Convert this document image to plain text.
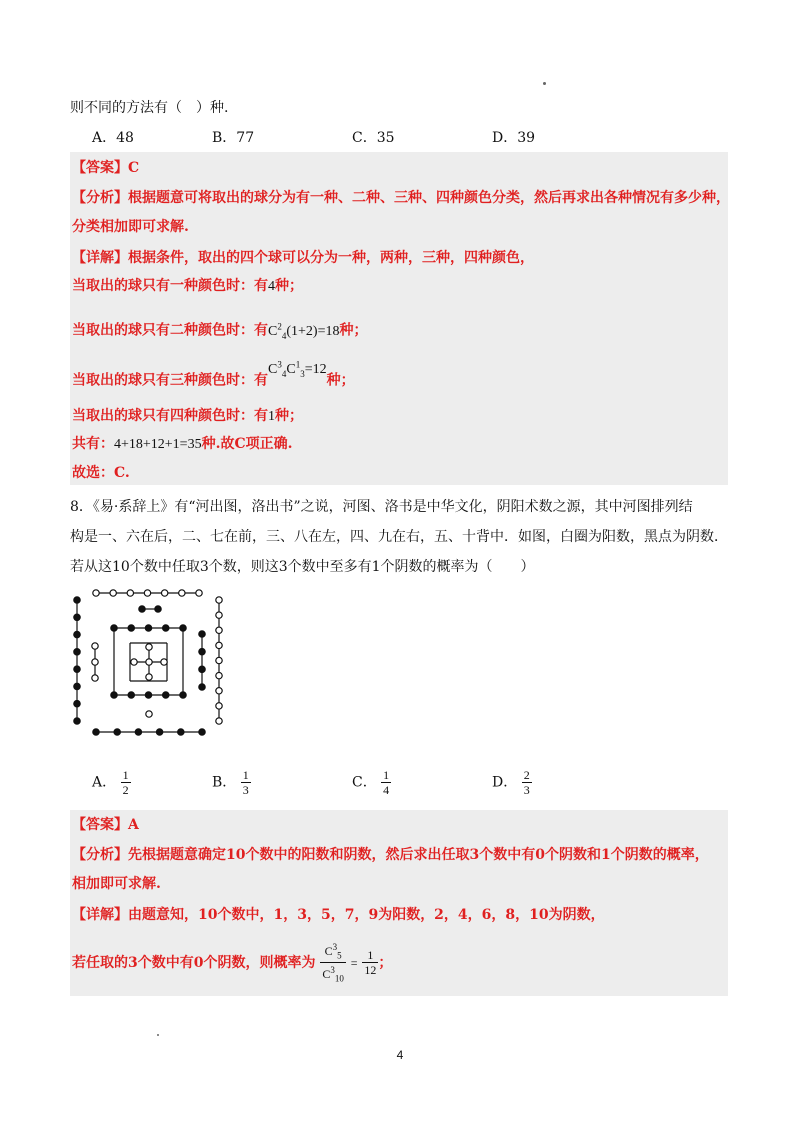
则不同的方法有（　）种.
A．48	B．77	C．35	D．39
【答案】C
【分析】根据题意可将取出的球分为有一种、二种、三种、四种颜色分类，然后再求出各种情况有多少种，
分类相加即可求解.
【详解】根据条件，取出的四个球可以分为一种，两种，三种，四种颜色，
当取出的球只有一种颜色时：有4种；
当取出的球只有二种颜色时：有$C^2_4(1+2)=18$种；
当取出的球只有三种颜色时：有$C^3_4C^1_3=12$种；
当取出的球只有四种颜色时：有1种；
共有：4+18+12+1=35种.故C项正确.
故选：C.
8．《易·系辞上》有“河出图，洛出书”之说，河图、洛书是中华文化，阴阳术数之源，其中河图排列结
构是一、六在后，二、七在前，三、八在左，四、九在右，五、十背中．如图，白圈为阳数，黑点为阴数．
若从这10个数中任取3个数，则这3个数中至多有1个阴数的概率为（　　）
A． $\frac{1}{2}$	B． $\frac{1}{3}$	C． $\frac{1}{4}$	D． $\frac{2}{3}$
【答案】A
【分析】先根据题意确定10个数中的阳数和阴数，然后求出任取3个数中有0个阴数和1个阴数的概率，
相加即可求解.
【详解】由题意知，10个数中，1，3，5，7，9为阳数，2，4，6，8，10为阴数，
若任取的3个数中有0个阴数，则概率为 $\frac{C^3_5}{C^3_{10}} = \frac{1}{12}$ ；
4
